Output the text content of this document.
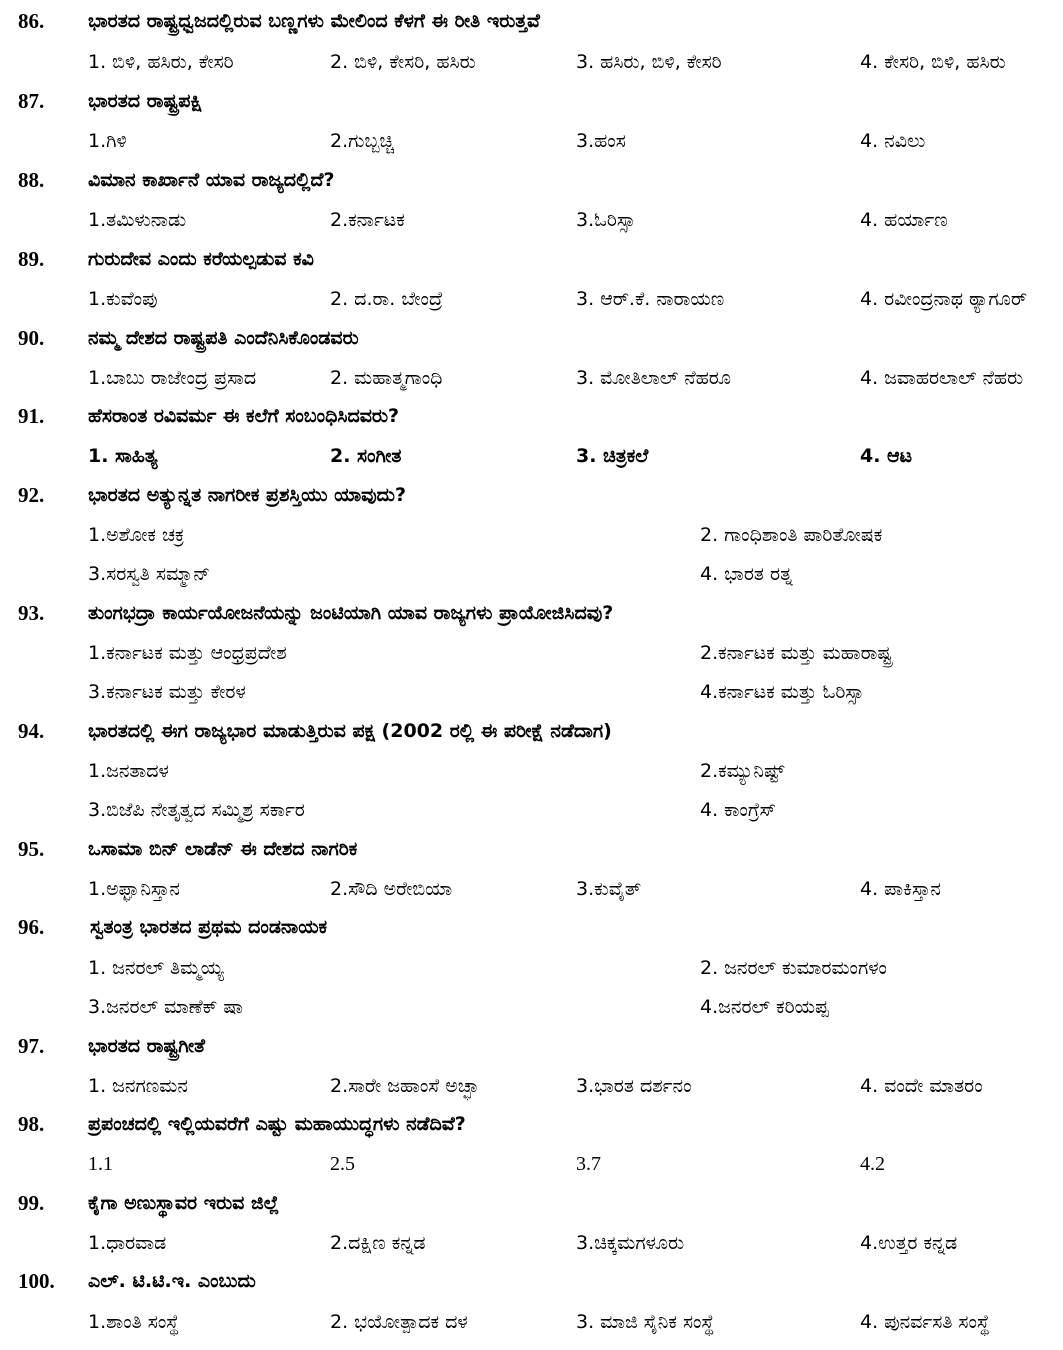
86.	ಭಾರತದ ರಾಷ್ಟ್ರಧ್ವಜದಲ್ಲಿರುವ ಬಣ್ಣಗಳು ಮೇಲಿಂದ ಕೆಳಗೆ ಈ ರೀತಿ ಇರುತ್ತವೆ
1. ಬಿಳಿ, ಹಸಿರು, ಕೇಸರಿ	2. ಬಿಳಿ, ಕೇಸರಿ, ಹಸಿರು	3. ಹಸಿರು, ಬಿಳಿ, ಕೇಸರಿ	4. ಕೇಸರಿ, ಬಿಳಿ, ಹಸಿರು
87.	ಭಾರತದ ರಾಷ್ಟ್ರಪಕ್ಷಿ
1.ಗಿಳಿ	2.ಗುಬ್ಬಚ್ಚಿ	3.ಹಂಸ	4. ನವಿಲು
88.	ವಿಮಾನ ಕಾರ್ಖಾನೆ ಯಾವ ರಾಜ್ಯದಲ್ಲಿದೆ?
1.ತಮಿಳುನಾಡು	2.ಕರ್ನಾಟಕ	3.ಓರಿಸ್ಸಾ	4. ಹರ್ಯಾಣ
89.	ಗುರುದೇವ ಎಂದು ಕರೆಯಲ್ಪಡುವ ಕವಿ
1.ಕುವೆಂಪು	2. ದ.ರಾ. ಬೇಂದ್ರೆ	3. ಆರ್.ಕೆ. ನಾರಾಯಣ	4. ರವೀಂದ್ರನಾಥ ಠ್ಯಾಗೂರ್
90.	ನಮ್ಮ ದೇಶದ ರಾಷ್ಟ್ರಪತಿ ಎಂದೆನಿಸಿಕೊಂಡವರು
1.ಬಾಬು ರಾಜೇಂದ್ರ ಪ್ರಸಾದ	2. ಮಹಾತ್ಮಗಾಂಧಿ	3. ಮೋತಿಲಾಲ್ ನೆಹರೂ	4. ಜವಾಹರಲಾಲ್ ನೆಹರು
91.	ಹೆಸರಾಂತ ರವಿವರ್ಮ ಈ ಕಲೆಗೆ ಸಂಬಂಧಿಸಿದವರು?
1. ಸಾಹಿತ್ಯ	2. ಸಂಗೀತ	3. ಚಿತ್ರಕಲೆ	4. ಆಟ
92.	ಭಾರತದ ಅತ್ಯುನ್ನತ ನಾಗರೀಕ ಪ್ರಶಸ್ತಿಯು ಯಾವುದು?
1.ಅಶೋಕ ಚಕ್ರ	2. ಗಾಂಧಿಶಾಂತಿ ಪಾರಿತೋಷಕ
3.ಸರಸ್ವತಿ ಸಮ್ಮಾನ್	4. ಭಾರತ ರತ್ನ
93.	ತುಂಗಭದ್ರಾ ಕಾರ್ಯಯೋಜನೆಯನ್ನು ಜಂಟಿಯಾಗಿ ಯಾವ ರಾಜ್ಯಗಳು ಪ್ರಾಯೋಜಿಸಿದವು?
1.ಕರ್ನಾಟಕ ಮತ್ತು ಆಂಧ್ರಪ್ರದೇಶ	2.ಕರ್ನಾಟಕ ಮತ್ತು ಮಹಾರಾಷ್ಟ್ರ
3.ಕರ್ನಾಟಕ ಮತ್ತು ಕೇರಳ	4.ಕರ್ನಾಟಕ ಮತ್ತು ಓರಿಸ್ಸಾ
94.	ಭಾರತದಲ್ಲಿ ಈಗ ರಾಜ್ಯಭಾರ ಮಾಡುತ್ತಿರುವ ಪಕ್ಷ (2002 ರಲ್ಲಿ ಈ ಪರೀಕ್ಷೆ ನಡೆದಾಗ)
1.ಜನತಾದಳ	2.ಕಮ್ಯುನಿಷ್ಟ್
3.ಬಿಜೆಪಿ ನೇತೃತ್ವದ ಸಮ್ಮಿಶ್ರ ಸರ್ಕಾರ	4. ಕಾಂಗ್ರೆಸ್
95.	ಒಸಾಮಾ ಬಿನ್ ಲಾಡೆನ್ ಈ ದೇಶದ ನಾಗರಿಕ
1.ಅಫ್ಘಾನಿಸ್ತಾನ	2.ಸೌದಿ ಅರೇಬಿಯಾ	3.ಕುವೈತ್	4. ಪಾಕಿಸ್ತಾನ
96.	ಸ್ವತಂತ್ರ ಭಾರತದ ಪ್ರಥಮ ದಂಡನಾಯಕ
1. ಜನರಲ್ ತಿಮ್ಮಯ್ಯ	2. ಜನರಲ್ ಕುಮಾರಮಂಗಳಂ
3.ಜನರಲ್ ಮಾಣೆಕ್ ಷಾ	4.ಜನರಲ್ ಕರಿಯಪ್ಪ
97.	ಭಾರತದ ರಾಷ್ಟ್ರಗೀತೆ
1. ಜನಗಣಮನ	2.ಸಾರೇ ಜಹಾಂಸೆ ಅಚ್ಛಾ	3.ಭಾರತ ದರ್ಶನಂ	4. ವಂದೇ ಮಾತರಂ
98.	ಪ್ರಪಂಚದಲ್ಲಿ ಇಲ್ಲಿಯವರೆಗೆ ಎಷ್ಟು ಮಹಾಯುದ್ಧಗಳು ನಡೆದಿವೆ?
1.1	2.5	3.7	4.2
99.	ಕೈಗಾ ಅಣುಸ್ಥಾವರ ಇರುವ ಜಿಲ್ಲೆ
1.ಧಾರವಾಡ	2.ದಕ್ಷಿಣ ಕನ್ನಡ	3.ಚಿಕ್ಕಮಗಳೂರು	4.ಉತ್ತರ ಕನ್ನಡ
100.	ಎಲ್. ಟಿ.ಟಿ.ಇ. ಎಂಬುದು
1.ಶಾಂತಿ ಸಂಸ್ಥೆ	2. ಭಯೋತ್ಪಾದಕ ದಳ	3. ಮಾಜಿ ಸೈನಿಕ ಸಂಸ್ಥೆ	4. ಪುನರ್ವಸತಿ ಸಂಸ್ಥೆ
